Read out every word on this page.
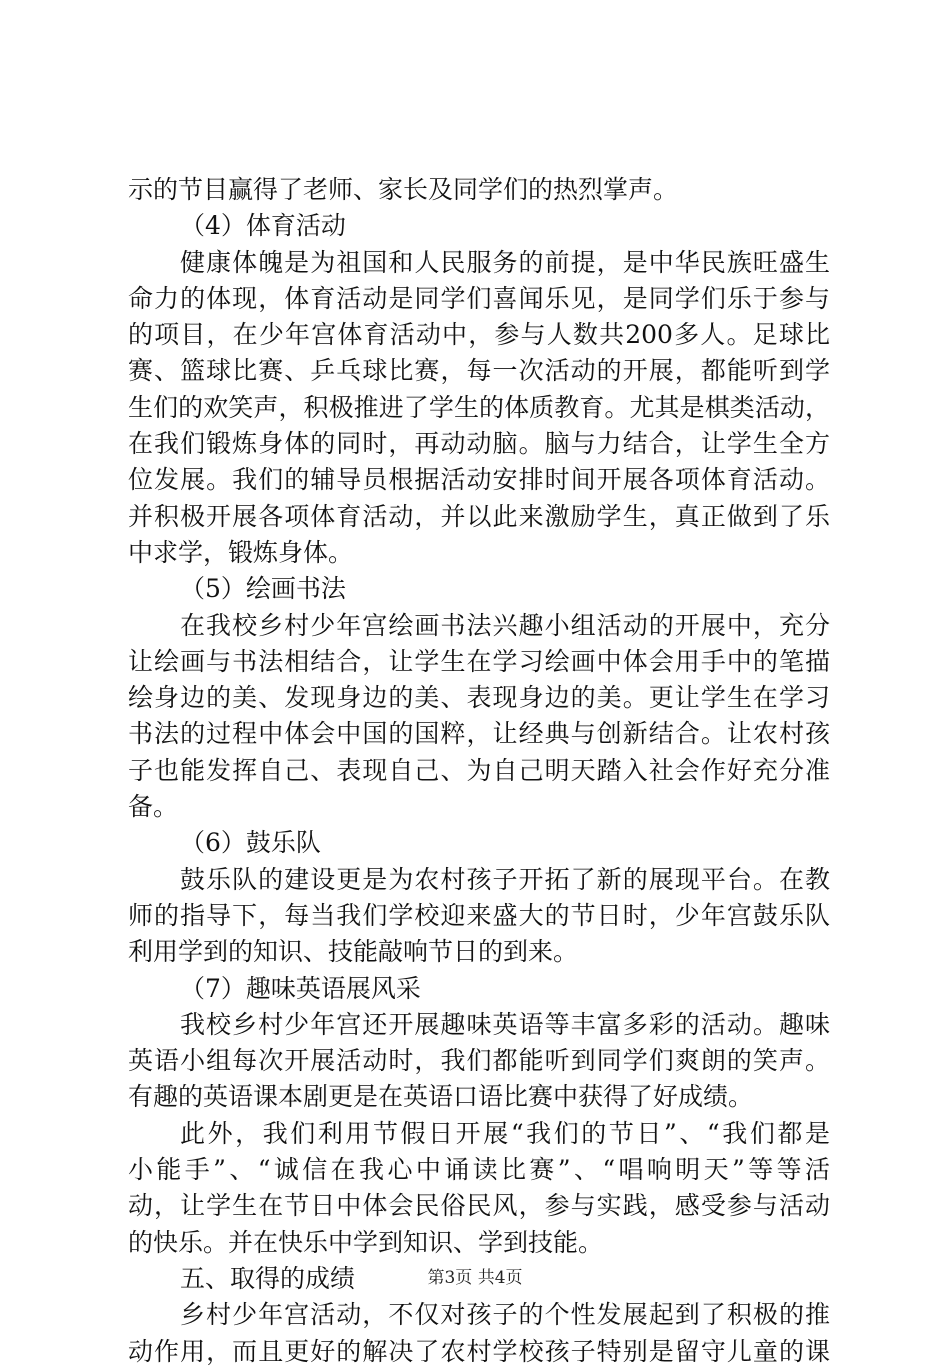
示的节目赢得了老师、家长及同学们的热烈掌声。
（4）体育活动
健康体魄是为祖国和人民服务的前提，是中华民族旺盛生
命力的体现，体育活动是同学们喜闻乐见，是同学们乐于参与
的项目，在少年宫体育活动中，参与人数共200多人。足球比
赛、篮球比赛、乒乓球比赛，每一次活动的开展，都能听到学
生们的欢笑声，积极推进了学生的体质教育。尤其是棋类活动，
在我们锻炼身体的同时，再动动脑。脑与力结合，让学生全方
位发展。我们的辅导员根据活动安排时间开展各项体育活动。
并积极开展各项体育活动，并以此来激励学生，真正做到了乐
中求学，锻炼身体。
（5）绘画书法
在我校乡村少年宫绘画书法兴趣小组活动的开展中，充分
让绘画与书法相结合，让学生在学习绘画中体会用手中的笔描
绘身边的美、发现身边的美、表现身边的美。更让学生在学习
书法的过程中体会中国的国粹，让经典与创新结合。让农村孩
子也能发挥自己、表现自己、为自己明天踏入社会作好充分准
备。
（6）鼓乐队
鼓乐队的建设更是为农村孩子开拓了新的展现平台。在教
师的指导下，每当我们学校迎来盛大的节日时，少年宫鼓乐队
利用学到的知识、技能敲响节日的到来。
（7）趣味英语展风采
我校乡村少年宫还开展趣味英语等丰富多彩的活动。趣味
英语小组每次开展活动时，我们都能听到同学们爽朗的笑声。
有趣的英语课本剧更是在英语口语比赛中获得了好成绩。
此外，我们利用节假日开展“我们的节日”、“我们都是
小能手”、“诚信在我心中诵读比赛”、“唱响明天”等等活
动，让学生在节日中体会民俗民风，参与实践，感受参与活动
的快乐。并在快乐中学到知识、学到技能。
五、取得的成绩
乡村少年宫活动，不仅对孩子的个性发展起到了积极的推
动作用，而且更好的解决了农村学校孩子特别是留守儿童的课
第3页 共4页
